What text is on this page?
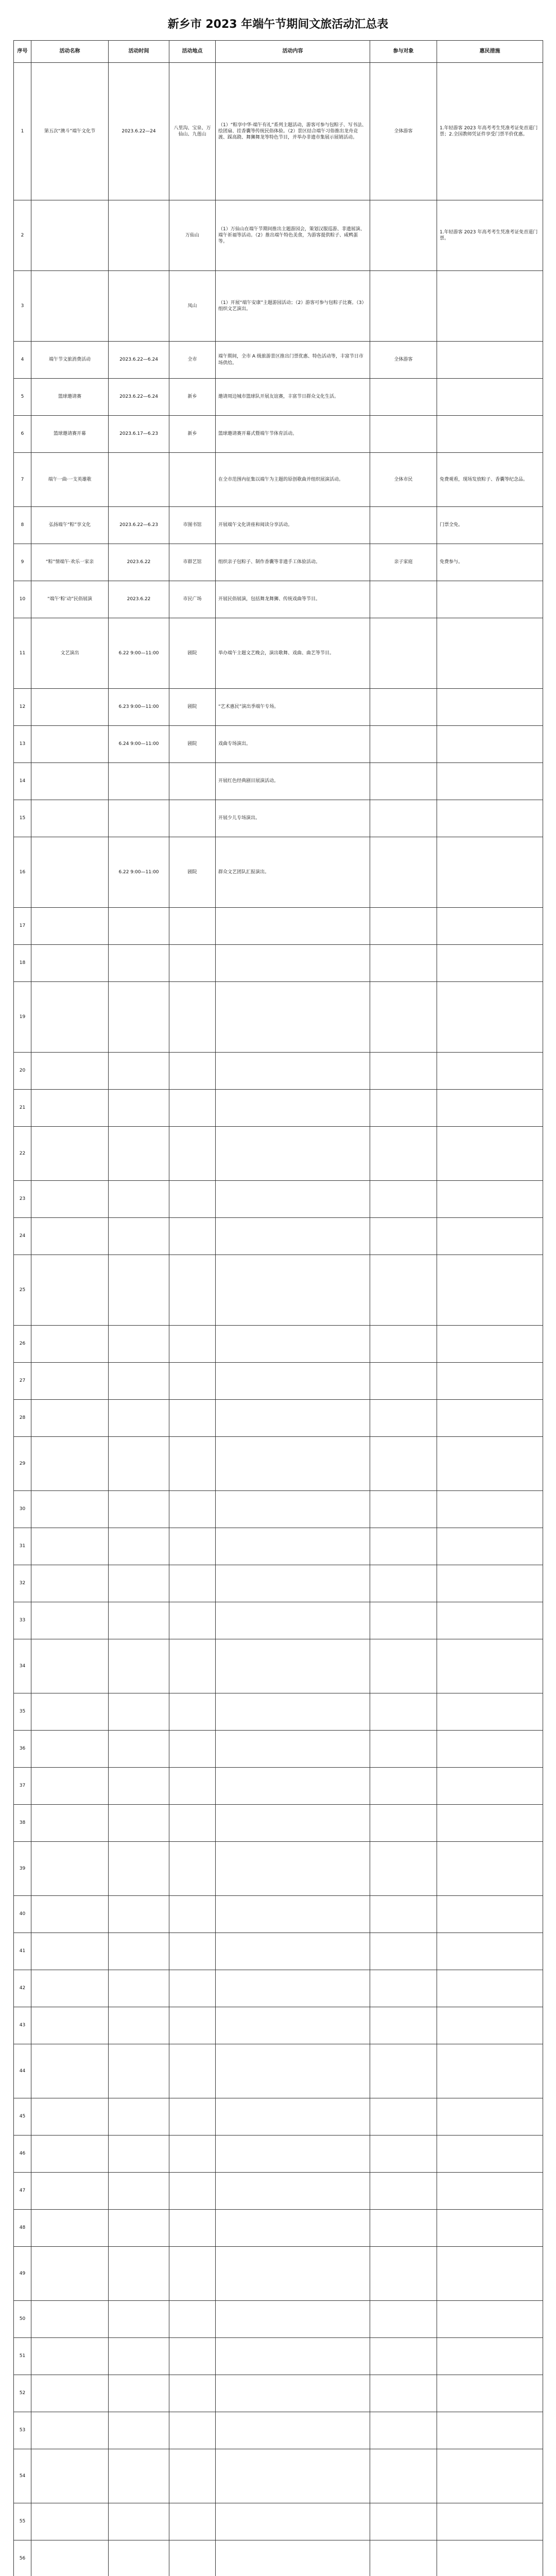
新乡市 2023 年端午节期间文旅活动汇总表
序号	活动名称	活动时间	活动地点	活动内容	参与对象	惠民措施
1	第五次“澳斗”端午文化节	2023.6.22—24	八里沟、宝泉、万仙山、九莲山	（1）“粽享中华·端午有礼”系列主题活动，游客可参与包粽子、写书法、绘团扇、挂香囊等传统民俗体验。（2）景区结合端午习俗推出龙舟竞渡、踩高跷、舞狮舞龙等特色节目，并举办非遗市集展示展销活动。	全体游客	1.年轻游客 2023 年高考考生凭准考证免首道门票；2.全国教师凭证件享受门票半价优惠。
2			万仙山	（1）万仙山在端午节期间推出主题游园会，策划汉服巡游、非遗展演、端午祈福等活动。（2）推出端午特色美食，为游客提供粽子、咸鸭蛋等。		1.年轻游客 2023 年高考考生凭准考证免首道门票。
3			凤山	（1）开展“端午安康”主题游园活动；（2）游客可参与包粽子比赛。（3）组织文艺演出。		
4	端午节文旅消费活动	2023.6.22—6.24	全市	端午期间，全市 A 级旅游景区推出门票优惠、特色活动等，丰富节日市场供给。	全体游客	
5	篮球邀请赛	2023.6.22—6.24	新乡	邀请周边城市篮球队开展友谊赛，丰富节日群众文化生活。		
6	篮球邀请赛开幕	2023.6.17—6.23	新乡	篮球邀请赛开幕式暨端午节体育活动。		
7	端午一曲·一支英雄歌			在全市范围内征集以端午为主题的原创歌曲并组织展演活动。	全体市民	免费观看，现场发放粽子、香囊等纪念品。
8	弘扬端午“粽”享文化	2023.6.22—6.23	市图书馆	开展端午文化讲座和阅读分享活动。		门票全免。
9	“粽”情端午·欢乐一家亲	2023.6.22	市群艺馆	组织亲子包粽子、制作香囊等非遗手工体验活动。	亲子家庭	免费参与。
10	“端午‘粽’动”民俗展演	2023.6.22	市民广场	开展民俗展演，包括舞龙舞狮、传统戏曲等节目。		
11	文艺演出	6.22 9:00—11:00	剧院	举办端午主题文艺晚会，演出歌舞、戏曲、曲艺等节目。		
12		6.23 9:00—11:00	剧院	“艺术惠民”演出季端午专场。		
13		6.24 9:00—11:00	剧院	戏曲专场演出。		
14				开展红色经典剧目展演活动。		
15				开展少儿专场演出。		
16		6.22 9:00—11:00	剧院	群众文艺团队汇报演出。		
17						
18						
19						
20						
21						
22						
23						
24						
25						
26						
27						
28						
29						
30						
31						
32						
33						
34						
35						
36						
37						
38						
39						
40						
41						
42						
43						
44						
45						
46						
47						
48						
49						
50						
51						
52						
53						
54						
55						
56						
